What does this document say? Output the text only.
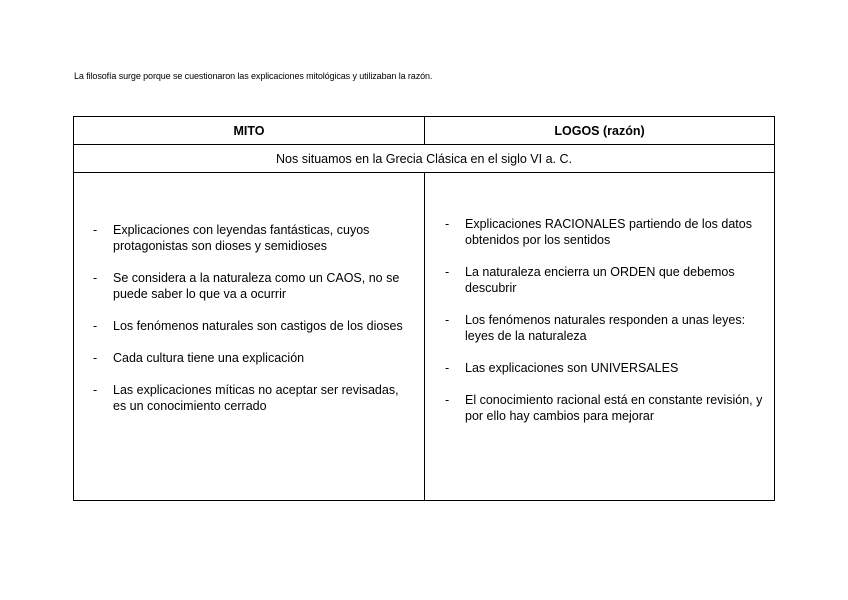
La filosofía surge porque se cuestionaron las explicaciones mitológicas y utilizaban la razón.
MITO	LOGOS (razón)
Nos situamos en la Grecia Clásica en el siglo VI a. C.
- Explicaciones con leyendas fantásticas, cuyos protagonistas son dioses y semidioses
- Se considera a la naturaleza como un CAOS, no se puede saber lo que va a ocurrir
- Los fenómenos naturales son castigos de los dioses
- Cada cultura tiene una explicación
- Las explicaciones míticas no aceptar ser revisadas, es un conocimiento cerrado
- Explicaciones RACIONALES partiendo de los datos obtenidos por los sentidos
- La naturaleza encierra un ORDEN que debemos descubrir
- Los fenómenos naturales responden a unas leyes: leyes de la naturaleza
- Las explicaciones son UNIVERSALES
- El conocimiento racional está en constante revisión, y por ello hay cambios para mejorar
